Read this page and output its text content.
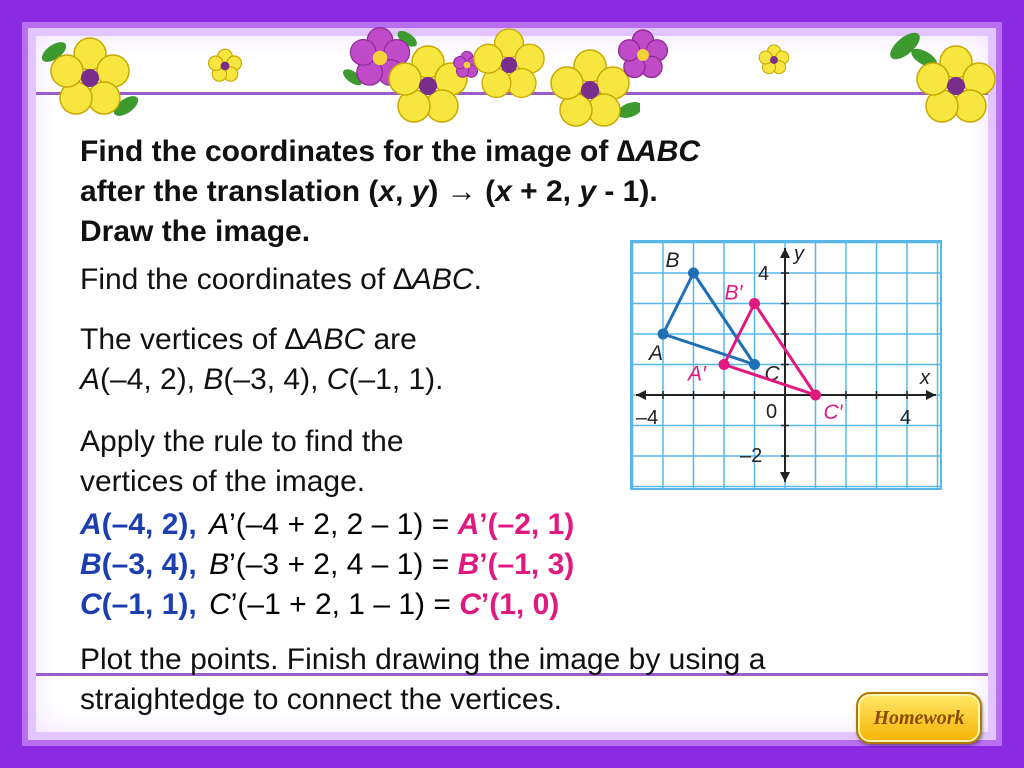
Find the coordinates for the image of ∆ABC
after the translation (x, y) → (x + 2, y - 1).
Draw the image.
Find the coordinates of ∆ABC.
The vertices of ∆ABC are
A(–4, 2), B(–3, 4), C(–1, 1).
Apply the rule to find the
vertices of the image.
A(–4, 2), A’(–4 + 2, 2 – 1) = A’(–2, 1)
B(–3, 4), B’(–3 + 2, 4 – 1) = B’(–1, 3)
C(–1, 1), C’(–1 + 2, 1 – 1) = C’(1, 0)
Plot the points. Finish drawing the image by using a straightedge to connect the vertices.
A
B
C
A′
B′
C′
x
y
–4	4
4
–2
0
Homework
